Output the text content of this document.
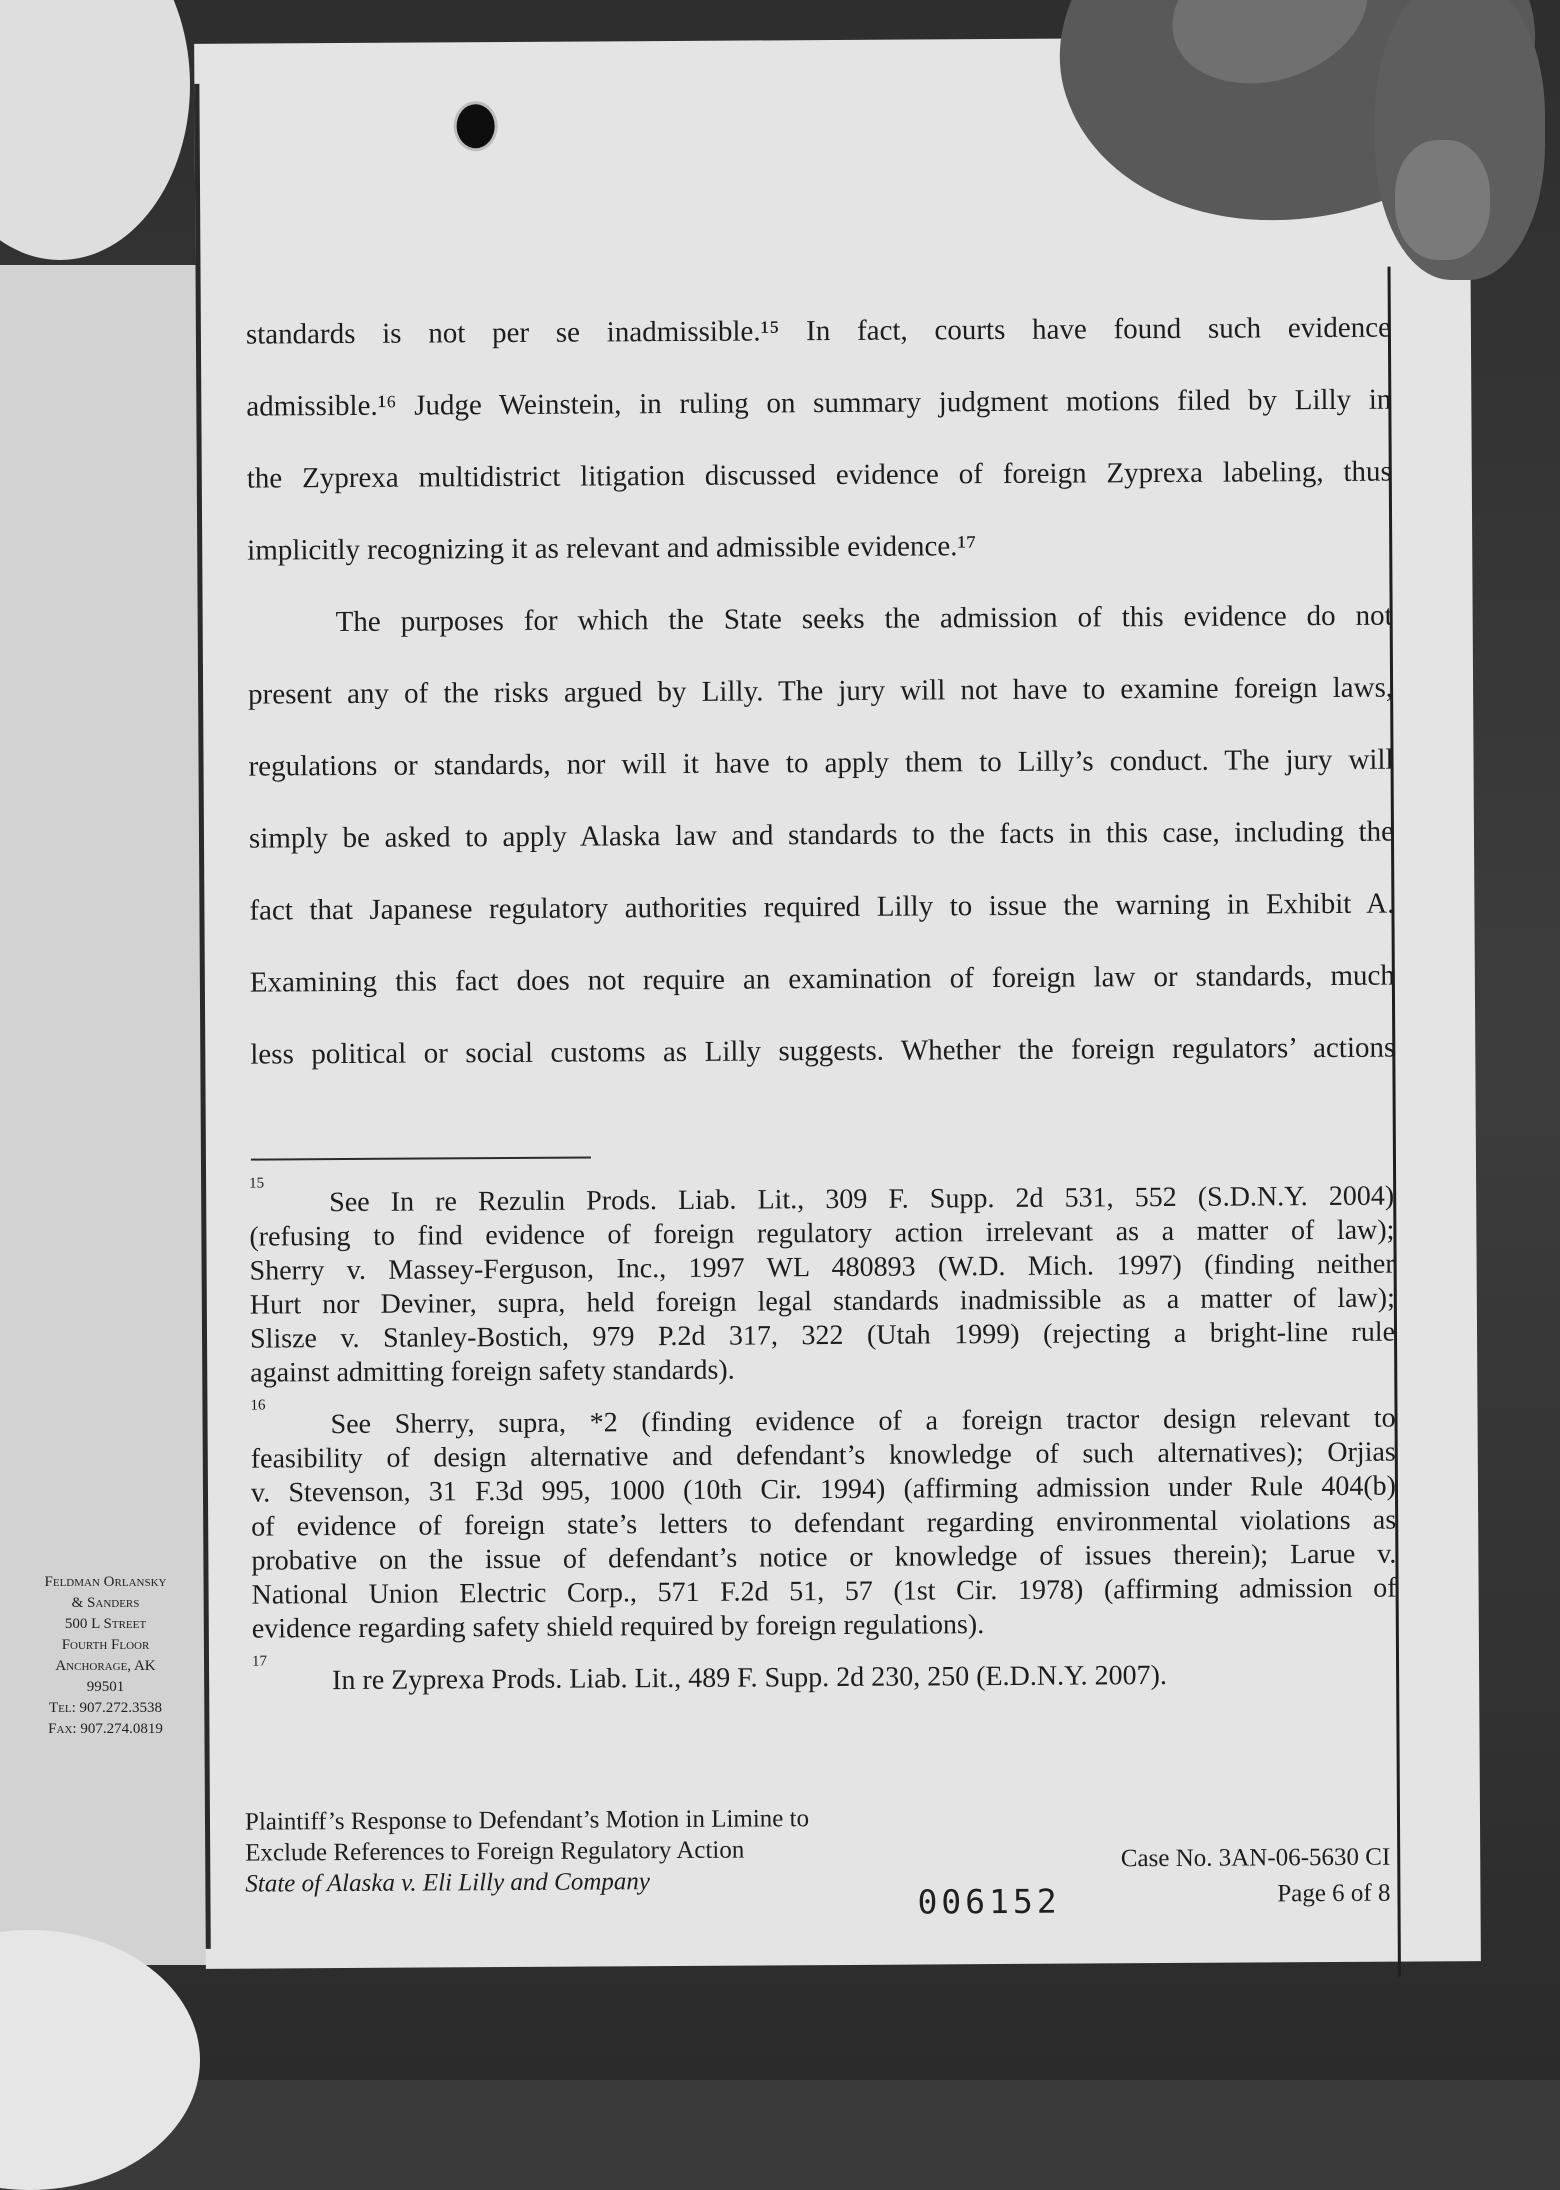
standards is not per se inadmissible.¹⁵ In fact, courts have found such evidence
admissible.¹⁶ Judge Weinstein, in ruling on summary judgment motions filed by Lilly in
the Zyprexa multidistrict litigation discussed evidence of foreign Zyprexa labeling, thus
implicitly recognizing it as relevant and admissible evidence.¹⁷
The purposes for which the State seeks the admission of this evidence do not
present any of the risks argued by Lilly. The jury will not have to examine foreign laws,
regulations or standards, nor will it have to apply them to Lilly’s conduct. The jury will
simply be asked to apply Alaska law and standards to the facts in this case, including the
fact that Japanese regulatory authorities required Lilly to issue the warning in Exhibit A.
Examining this fact does not require an examination of foreign law or standards, much
less political or social customs as Lilly suggests. Whether the foreign regulators’ actions
15	See In re Rezulin Prods. Liab. Lit., 309 F. Supp. 2d 531, 552 (S.D.N.Y. 2004)
(refusing to find evidence of foreign regulatory action irrelevant as a matter of law);
Sherry v. Massey-Ferguson, Inc., 1997 WL 480893 (W.D. Mich. 1997) (finding neither
Hurt nor Deviner, supra, held foreign legal standards inadmissible as a matter of law);
Slisze v. Stanley-Bostich, 979 P.2d 317, 322 (Utah 1999) (rejecting a bright-line rule
against admitting foreign safety standards).
16	See Sherry, supra, *2 (finding evidence of a foreign tractor design relevant to
feasibility of design alternative and defendant’s knowledge of such alternatives); Orjias
v. Stevenson, 31 F.3d 995, 1000 (10th Cir. 1994) (affirming admission under Rule 404(b)
of evidence of foreign state’s letters to defendant regarding environmental violations as
probative on the issue of defendant’s notice or knowledge of issues therein); Larue v.
National Union Electric Corp., 571 F.2d 51, 57 (1st Cir. 1978) (affirming admission of
evidence regarding safety shield required by foreign regulations).
17	In re Zyprexa Prods. Liab. Lit., 489 F. Supp. 2d 230, 250 (E.D.N.Y. 2007).
Plaintiff’s Response to Defendant’s Motion in Limine to
Exclude References to Foreign Regulatory Action
State of Alaska v. Eli Lilly and Company
Case No. 3AN-06-5630 CI
Page 6 of 8
006152
Feldman Orlansky
& Sanders
500 L Street
Fourth Floor
Anchorage, AK
99501
Tel: 907.272.3538
Fax: 907.274.0819
